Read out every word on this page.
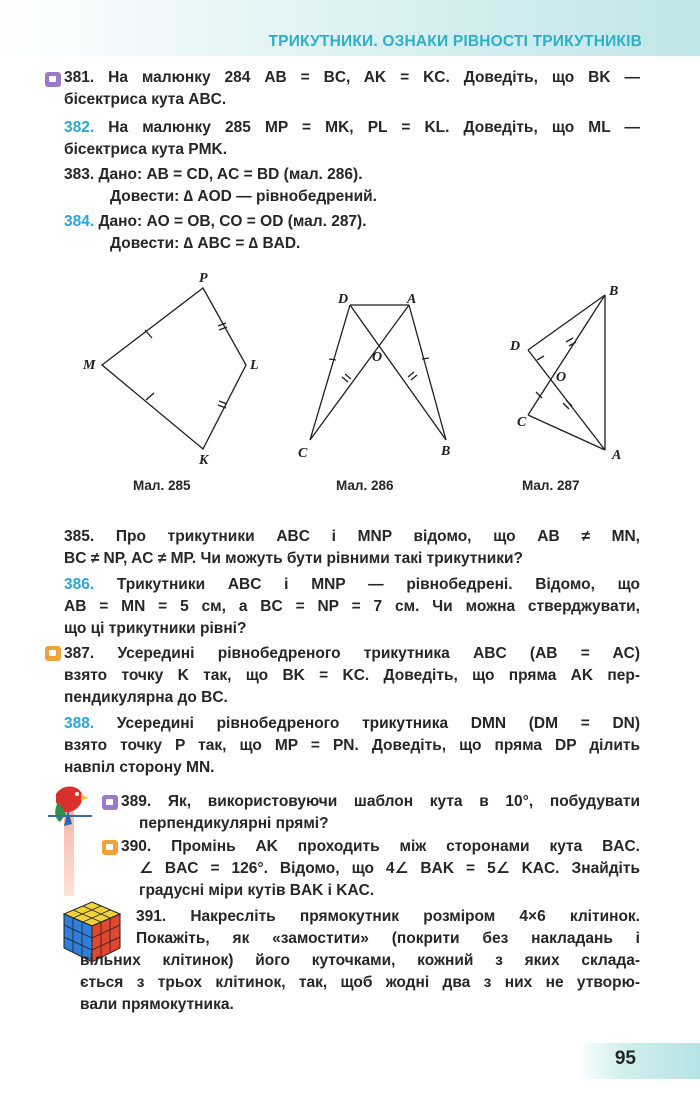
ТРИКУТНИКИ. ОЗНАКИ РІВНОСТІ ТРИКУТНИКІВ
381. На малюнку 284 AB = BC, AK = KC. Доведіть, що BK —
бісектриса кута ABC.
382. На малюнку 285 MP = MK, PL = KL. Доведіть, що ML —
бісектриса кута PMK.
383. Дано: AB = CD, AC = BD (мал. 286).
Довести: ∆ AOD — рівнобедрений.
384. Дано: AO = OB, CO = OD (мал. 287).
Довести: ∆ ABC = ∆ BAD.
P
M	L
K
D	A
O
C	B
B
D
O
C
A
Мал. 285	Мал. 286	Мал. 287
385. Про трикутники ABC і MNP відомо, що AB ≠ MN,
BC ≠ NP, AC ≠ MP. Чи можуть бути рівними такі трикутники?
386. Трикутники ABC і MNP — рівнобедрені. Відомо, що
AB = MN = 5 см, а BC = NP = 7 см. Чи можна стверджувати,
що ці трикутники рівні?
387. Усередині рівнобедреного трикутника ABC (AB = AC)
взято точку K так, що BK = KC. Доведіть, що пряма AK пер-
пендикулярна до BC.
388. Усередині рівнобедреного трикутника DMN (DM = DN)
взято точку P так, що MP = PN. Доведіть, що пряма DP ділить
навпіл сторону MN.
389. Як, використовуючи шаблон кута в 10°, побудувати
перпендикулярні прямі?
390. Промінь AK проходить між сторонами кута BAC.
∠ BAC = 126°. Відомо, що 4∠ BAK = 5∠ KAC. Знайдіть
градусні міри кутів BAK і KAC.
391. Накресліть прямокутник розміром 4×6 клітинок.
Покажіть, як «замостити» (покрити без накладань і
вільних клітинок) його куточками, кожний з яких склада-
ється з трьох клітинок, так, щоб жодні два з них не утворю-
вали прямокутника.
95
